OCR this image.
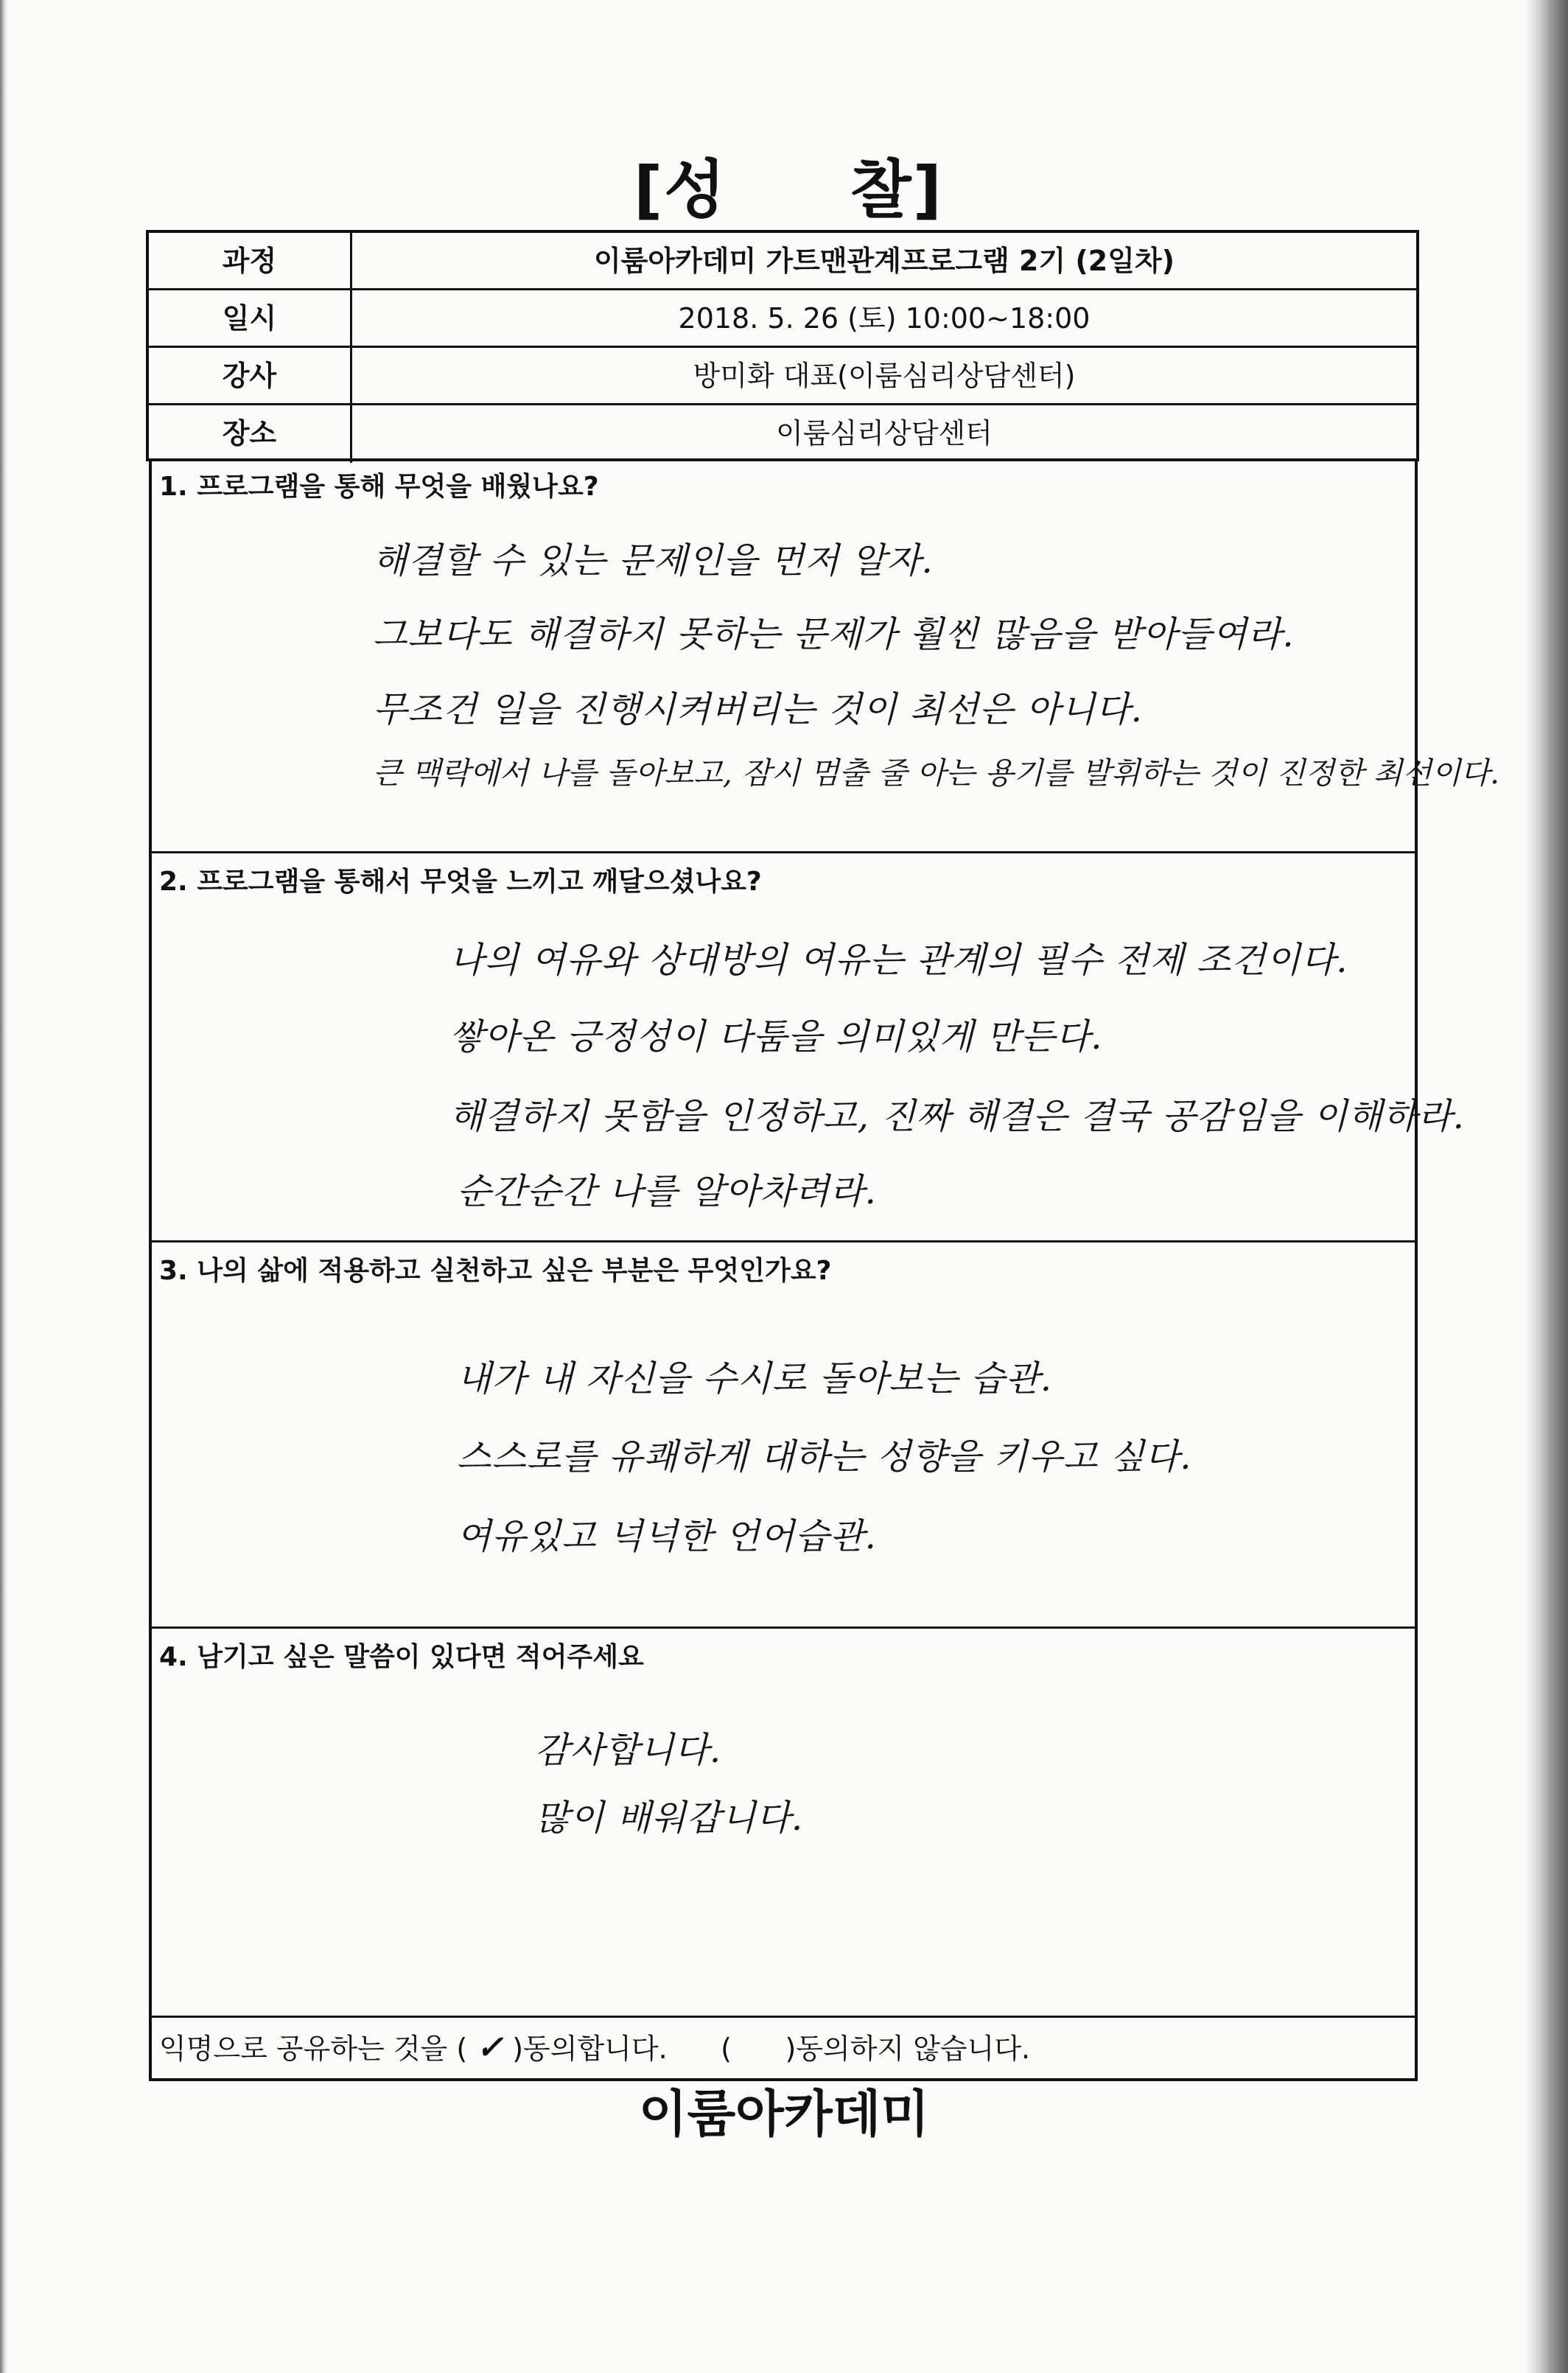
[성 찰]
과정	이룸아카데미 가트맨관계프로그램 2기 (2일차)
일시	2018. 5. 26 (토) 10:00~18:00
강사	방미화 대표(이룸심리상담센터)
장소	이룸심리상담센터
1. 프로그램을 통해 무엇을 배웠나요?
해결할 수 있는 문제인을 먼저 알자.
그보다도 해결하지 못하는 문제가 훨씬 많음을 받아들여라.
무조건 일을 진행시켜버리는 것이 최선은 아니다.
큰 맥락에서 나를 돌아보고, 잠시 멈출 줄 아는 용기를 발휘하는 것이 진정한 최선이다.
2. 프로그램을 통해서 무엇을 느끼고 깨달으셨나요?
나의 여유와 상대방의 여유는 관계의 필수 전제 조건이다.
쌓아온 긍정성이 다툼을 의미있게 만든다.
해결하지 못함을 인정하고, 진짜 해결은 결국 공감임을 이해하라.
순간순간 나를 알아차려라.
3. 나의 삶에 적용하고 실천하고 싶은 부분은 무엇인가요?
내가 내 자신을 수시로 돌아보는 습관.
스스로를 유쾌하게 대하는 성향을 키우고 싶다.
여유있고 넉넉한 언어습관.
4. 남기고 싶은 말씀이 있다면 적어주세요
감사합니다.
많이 배워갑니다.
익명으로 공유하는 것을 ( ✓ )동의합니다.      (      )동의하지 않습니다.
이룸아카데미
